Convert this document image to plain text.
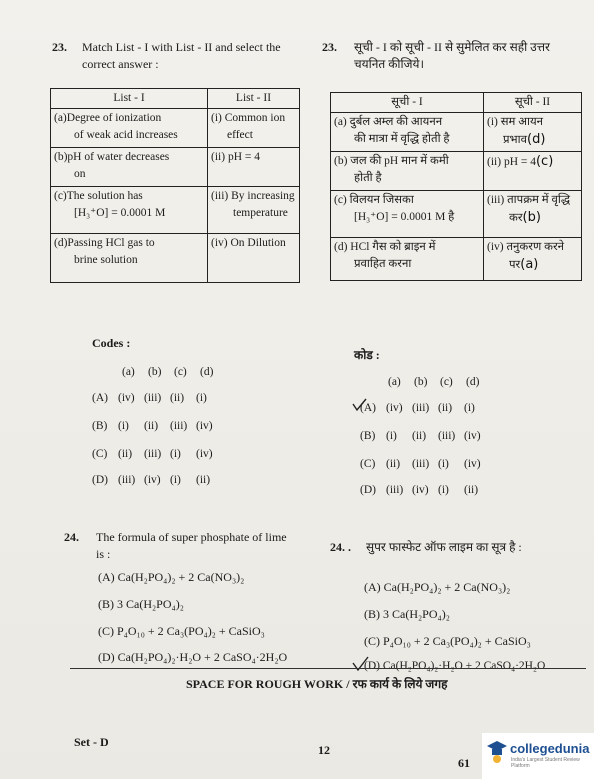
23. Match List - I with List - II and select the
correct answer :
List - I	List - II
(a)Degree of ionization
of weak acid increases	(i) Common ion
effect
(b)pH of water decreases
on	(ii) pH = 4
(c)The solution has
[H₃⁺O] = 0.0001 M	(iii) By increasing
temperature
(d)Passing HCl gas to
brine solution	(iv) On Dilution
Codes :
(a) (b) (c) (d)
(A) (iv) (iii) (ii) (i)
(B) (i) (ii) (iii) (iv)
(C) (ii) (iii) (i) (iv)
(D) (iii) (iv) (i) (ii)
23. सूची - I को सूची - II से सुमेलित कर सही उत्तर
चयनित कीजिये।
सूची - I	सूची - II
(a) दुर्बल अम्ल की आयनन
की मात्रा में वृद्धि होती है	(i) सम आयन
प्रभाव(d)
(b) जल की pH मान में कमी
होती है	(ii) pH = 4(c)
(c) विलयन जिसका
[H₃⁺O] = 0.0001 M है	(iii) तापक्रम में वृद्धि
कर(b)
(d) HCl गैस को ब्राइन में
प्रवाहित करना	(iv) तनुकरण करने
पर(a)
कोड :
(a) (b) (c) (d)
(A) (iv) (iii) (ii) (i)
(B) (i) (ii) (iii) (iv)
(C) (ii) (iii) (i) (iv)
(D) (iii) (iv) (i) (ii)
24. The formula of super phosphate of lime
is :
(A) Ca(H₂PO₄)₂ + 2 Ca(NO₃)₂
(B) 3 Ca(H₂PO₄)₂
(C) P₄O₁₀ + 2 Ca₃(PO₄)₂ + CaSiO₃
(D) Ca(H₂PO₄)₂·H₂O + 2 CaSO₄·2H₂O
24. . सुपर फास्फेट ऑफ लाइम का सूत्र है :
(A) Ca(H₂PO₄)₂ + 2 Ca(NO₃)₂
(B) 3 Ca(H₂PO₄)₂
(C) P₄O₁₀ + 2 Ca₃(PO₄)₂ + CaSiO₃
(D) Ca(H₂PO₄)₂·H₂O + 2 CaSO₄·2H₂O
SPACE FOR ROUGH WORK / रफ कार्य के लिये जगह
Set - D
12
61
collegedunia
India's Largest Student Review Platform
